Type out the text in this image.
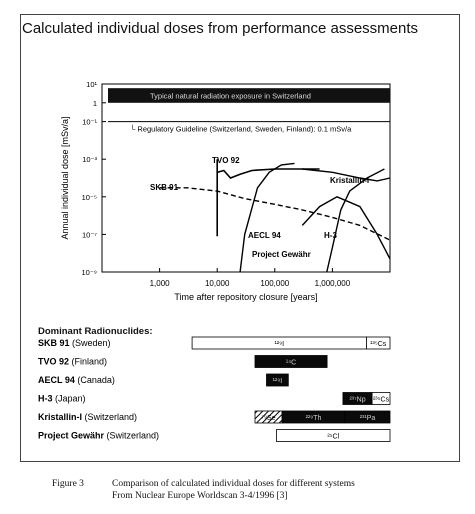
Calculated individual doses from performance assessments
Typical natural radiation exposure in Switzerland
└ Regulatory Guideline (Switzerland, Sweden, Finland): 0.1 mSv/a
10¹
1
10⁻¹
10⁻³
10⁻⁵
10⁻⁷
10⁻⁹
1,000	10,000	100,000	1,000,000
Time after repository closure [years]
Annual individual dose [mSv/a]	SKB 91
TVO 92
Kristallin-I
AECL 94	H-3
Project Gewähr
SKB 91 (Sweden)	¹²⁹I	¹³⁵Cs
TVO 92 (Finland)	¹⁴C
AECL 94 (Canada)	¹²⁹I
H-3 (Japan)	²³⁷Np ²³⁵Cs
Kristallin-I (Switzerland)	⁷⁹Se	²²⁹Th	²³¹Pa
Project Gewähr (Switzerland)	²⁵Cl
Dominant Radionuclides:
Figure 3	Comparison of calculated individual doses for different systems
From Nuclear Europe Worldscan 3-4/1996 [3]
